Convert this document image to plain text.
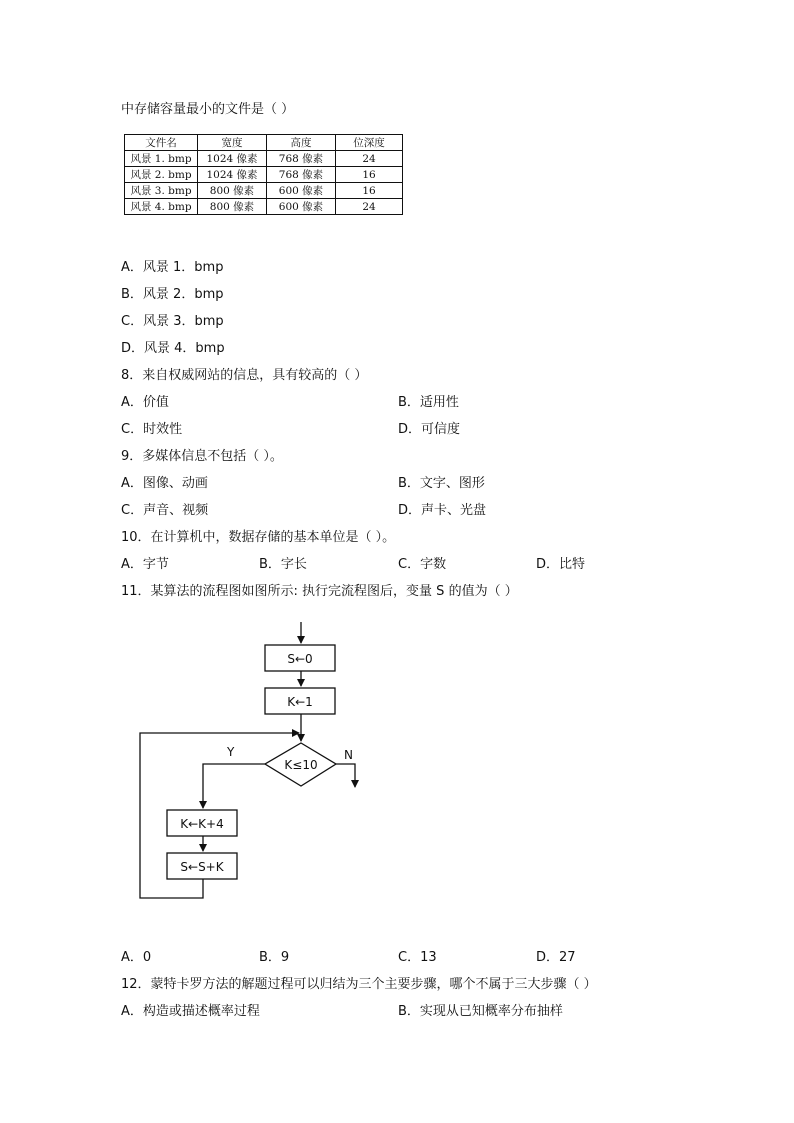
中存储容量最小的文件是（ ）
文件名	宽度	高度	位深度
风景 1. bmp	1024 像素	768 像素	24
风景 2. bmp	1024 像素	768 像素	16
风景 3. bmp	800 像素	600 像素	16
风景 4. bmp	800 像素	600 像素	24
A．风景 1．bmp
B．风景 2．bmp
C．风景 3．bmp
D．风景 4．bmp
8．来自权威网站的信息，具有较高的（ ）
A．价值	B．适用性
C．时效性	D．可信度
9．多媒体信息不包括（ ）。
A．图像、动画	B．文字、图形
C．声音、视频	D．声卡、光盘
10．在计算机中，数据存储的基本单位是（ ）。
A．字节	B．字长	C．字数	D．比特
11．某算法的流程图如图所示: 执行完流程图后，变量 S 的值为（ ）
S←0
K←1
K≤10
N
Y
K←K+4
S←S+K
A．0	B．9	C．13	D．27
12．蒙特卡罗方法的解题过程可以归结为三个主要步骤，哪个不属于三大步骤（ ）
A．构造或描述概率过程	B．实现从已知概率分布抽样
